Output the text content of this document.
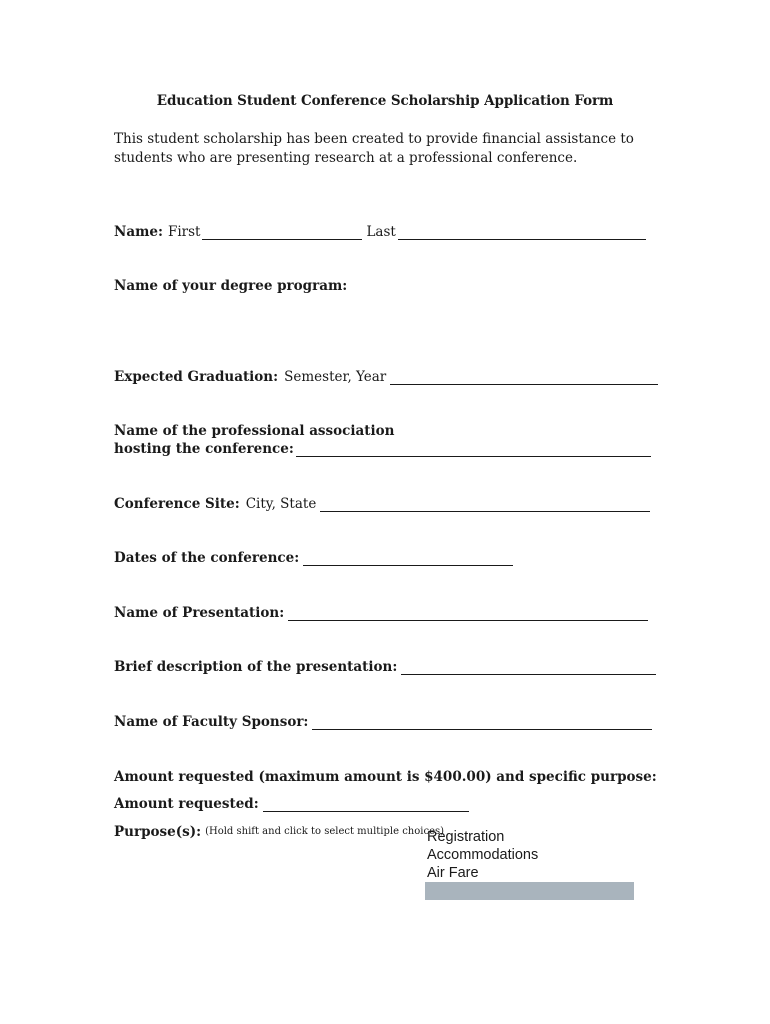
Education Student Conference Scholarship Application Form
This student scholarship has been created to provide financial assistance to students who are presenting research at a professional conference.
Name: First	Last
Name of your degree program:
Expected Graduation: Semester, Year
Name of the professional association
hosting the conference:
Conference Site: City, State
Dates of the conference:
Name of Presentation:
Brief description of the presentation:
Name of Faculty Sponsor:
Amount requested (maximum amount is $400.00) and specific purpose:
Amount requested:
Purpose(s): (Hold shift and click to select multiple choices)
Registration
Accommodations
Air Fare
